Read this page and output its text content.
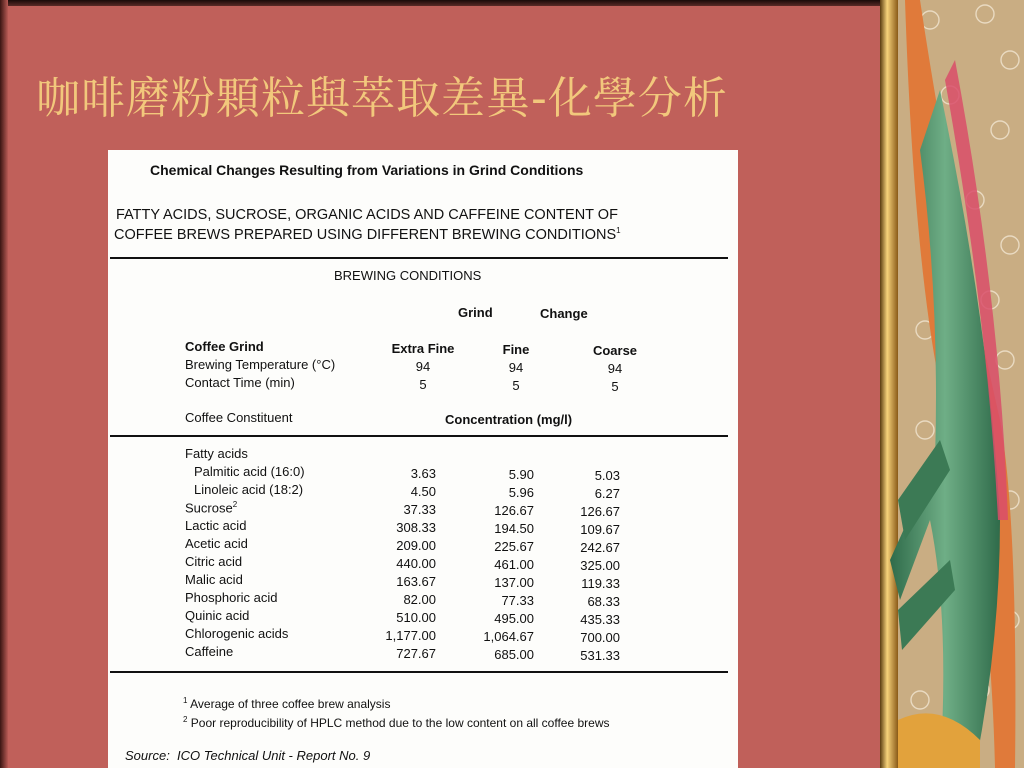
咖啡磨粉顆粒與萃取差異-化學分析
Chemical Changes Resulting from Variations in Grind Conditions
FATTY ACIDS, SUCROSE, ORGANIC ACIDS AND CAFFEINE CONTENT OF
COFFEE BREWS PREPARED USING DIFFERENT BREWING CONDITIONS$^1$
BREWING CONDITIONS
Grind	Change
Coffee Grind	Extra Fine	Fine	Coarse
Brewing Temperature (°C)	94	94	94
Contact Time (min)	5	5	5
Coffee Constituent	Concentration (mg/l)
Fatty acids
Palmitic acid (16:0)	3.63	5.90	5.03
Linoleic acid (18:2)	4.50	5.96	6.27
Sucrose$^2$	37.33	126.67	126.67
Lactic acid	308.33	194.50	109.67
Acetic acid	209.00	225.67	242.67
Citric acid	440.00	461.00	325.00
Malic acid	163.67	137.00	119.33
Phosphoric acid	82.00	77.33	68.33
Quinic acid	510.00	495.00	435.33
Chlorogenic acids	1,177.00	1,064.67	700.00
Caffeine	727.67	685.00	531.33
$^1$ Average of three coffee brew analysis
$^2$ Poor reproducibility of HPLC method due to the low content on all coffee brews
Source: ICO Technical Unit - Report No. 9
